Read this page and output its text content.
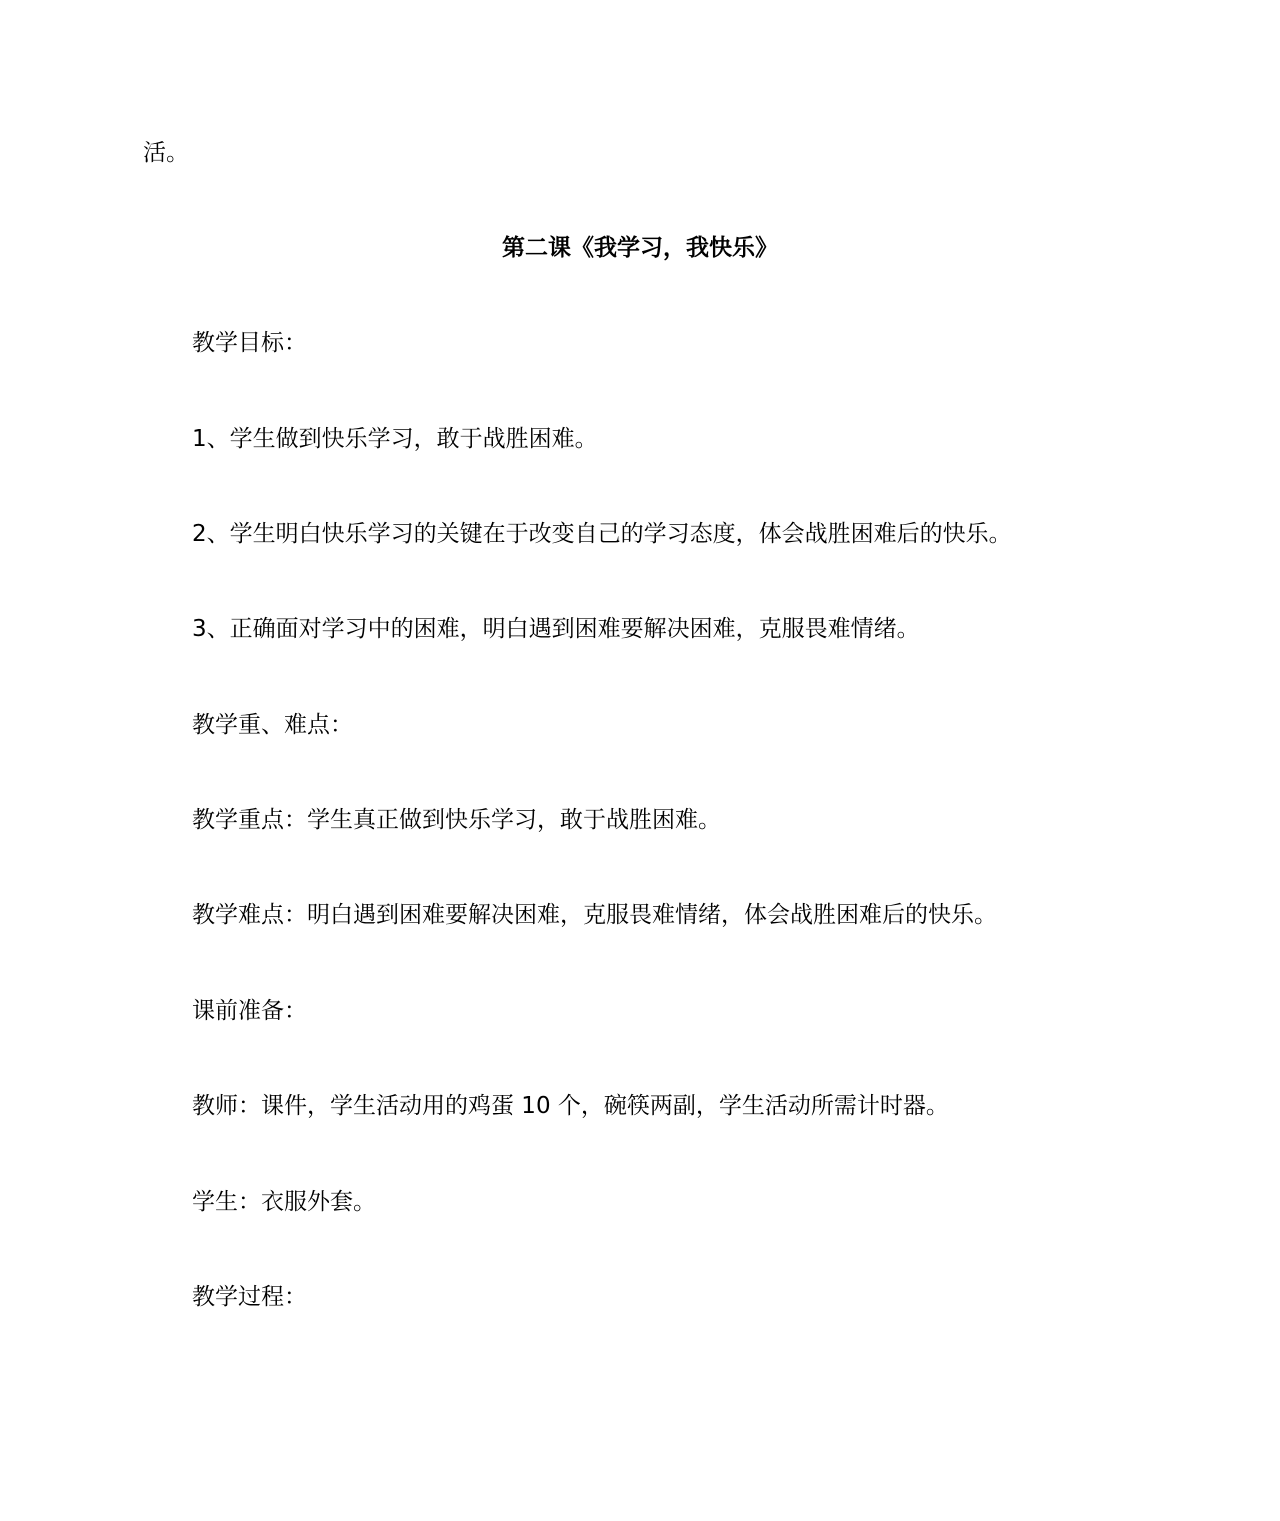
活。
第二课《我学习，我快乐》
教学目标：
1、学生做到快乐学习，敢于战胜困难。
2、学生明白快乐学习的关键在于改变自己的学习态度，体会战胜困难后的快乐。
3、正确面对学习中的困难，明白遇到困难要解决困难，克服畏难情绪。
教学重、难点：
教学重点：学生真正做到快乐学习，敢于战胜困难。
教学难点：明白遇到困难要解决困难，克服畏难情绪，体会战胜困难后的快乐。
课前准备：
教师：课件，学生活动用的鸡蛋 10 个，碗筷两副，学生活动所需计时器。
学生：衣服外套。
教学过程：
